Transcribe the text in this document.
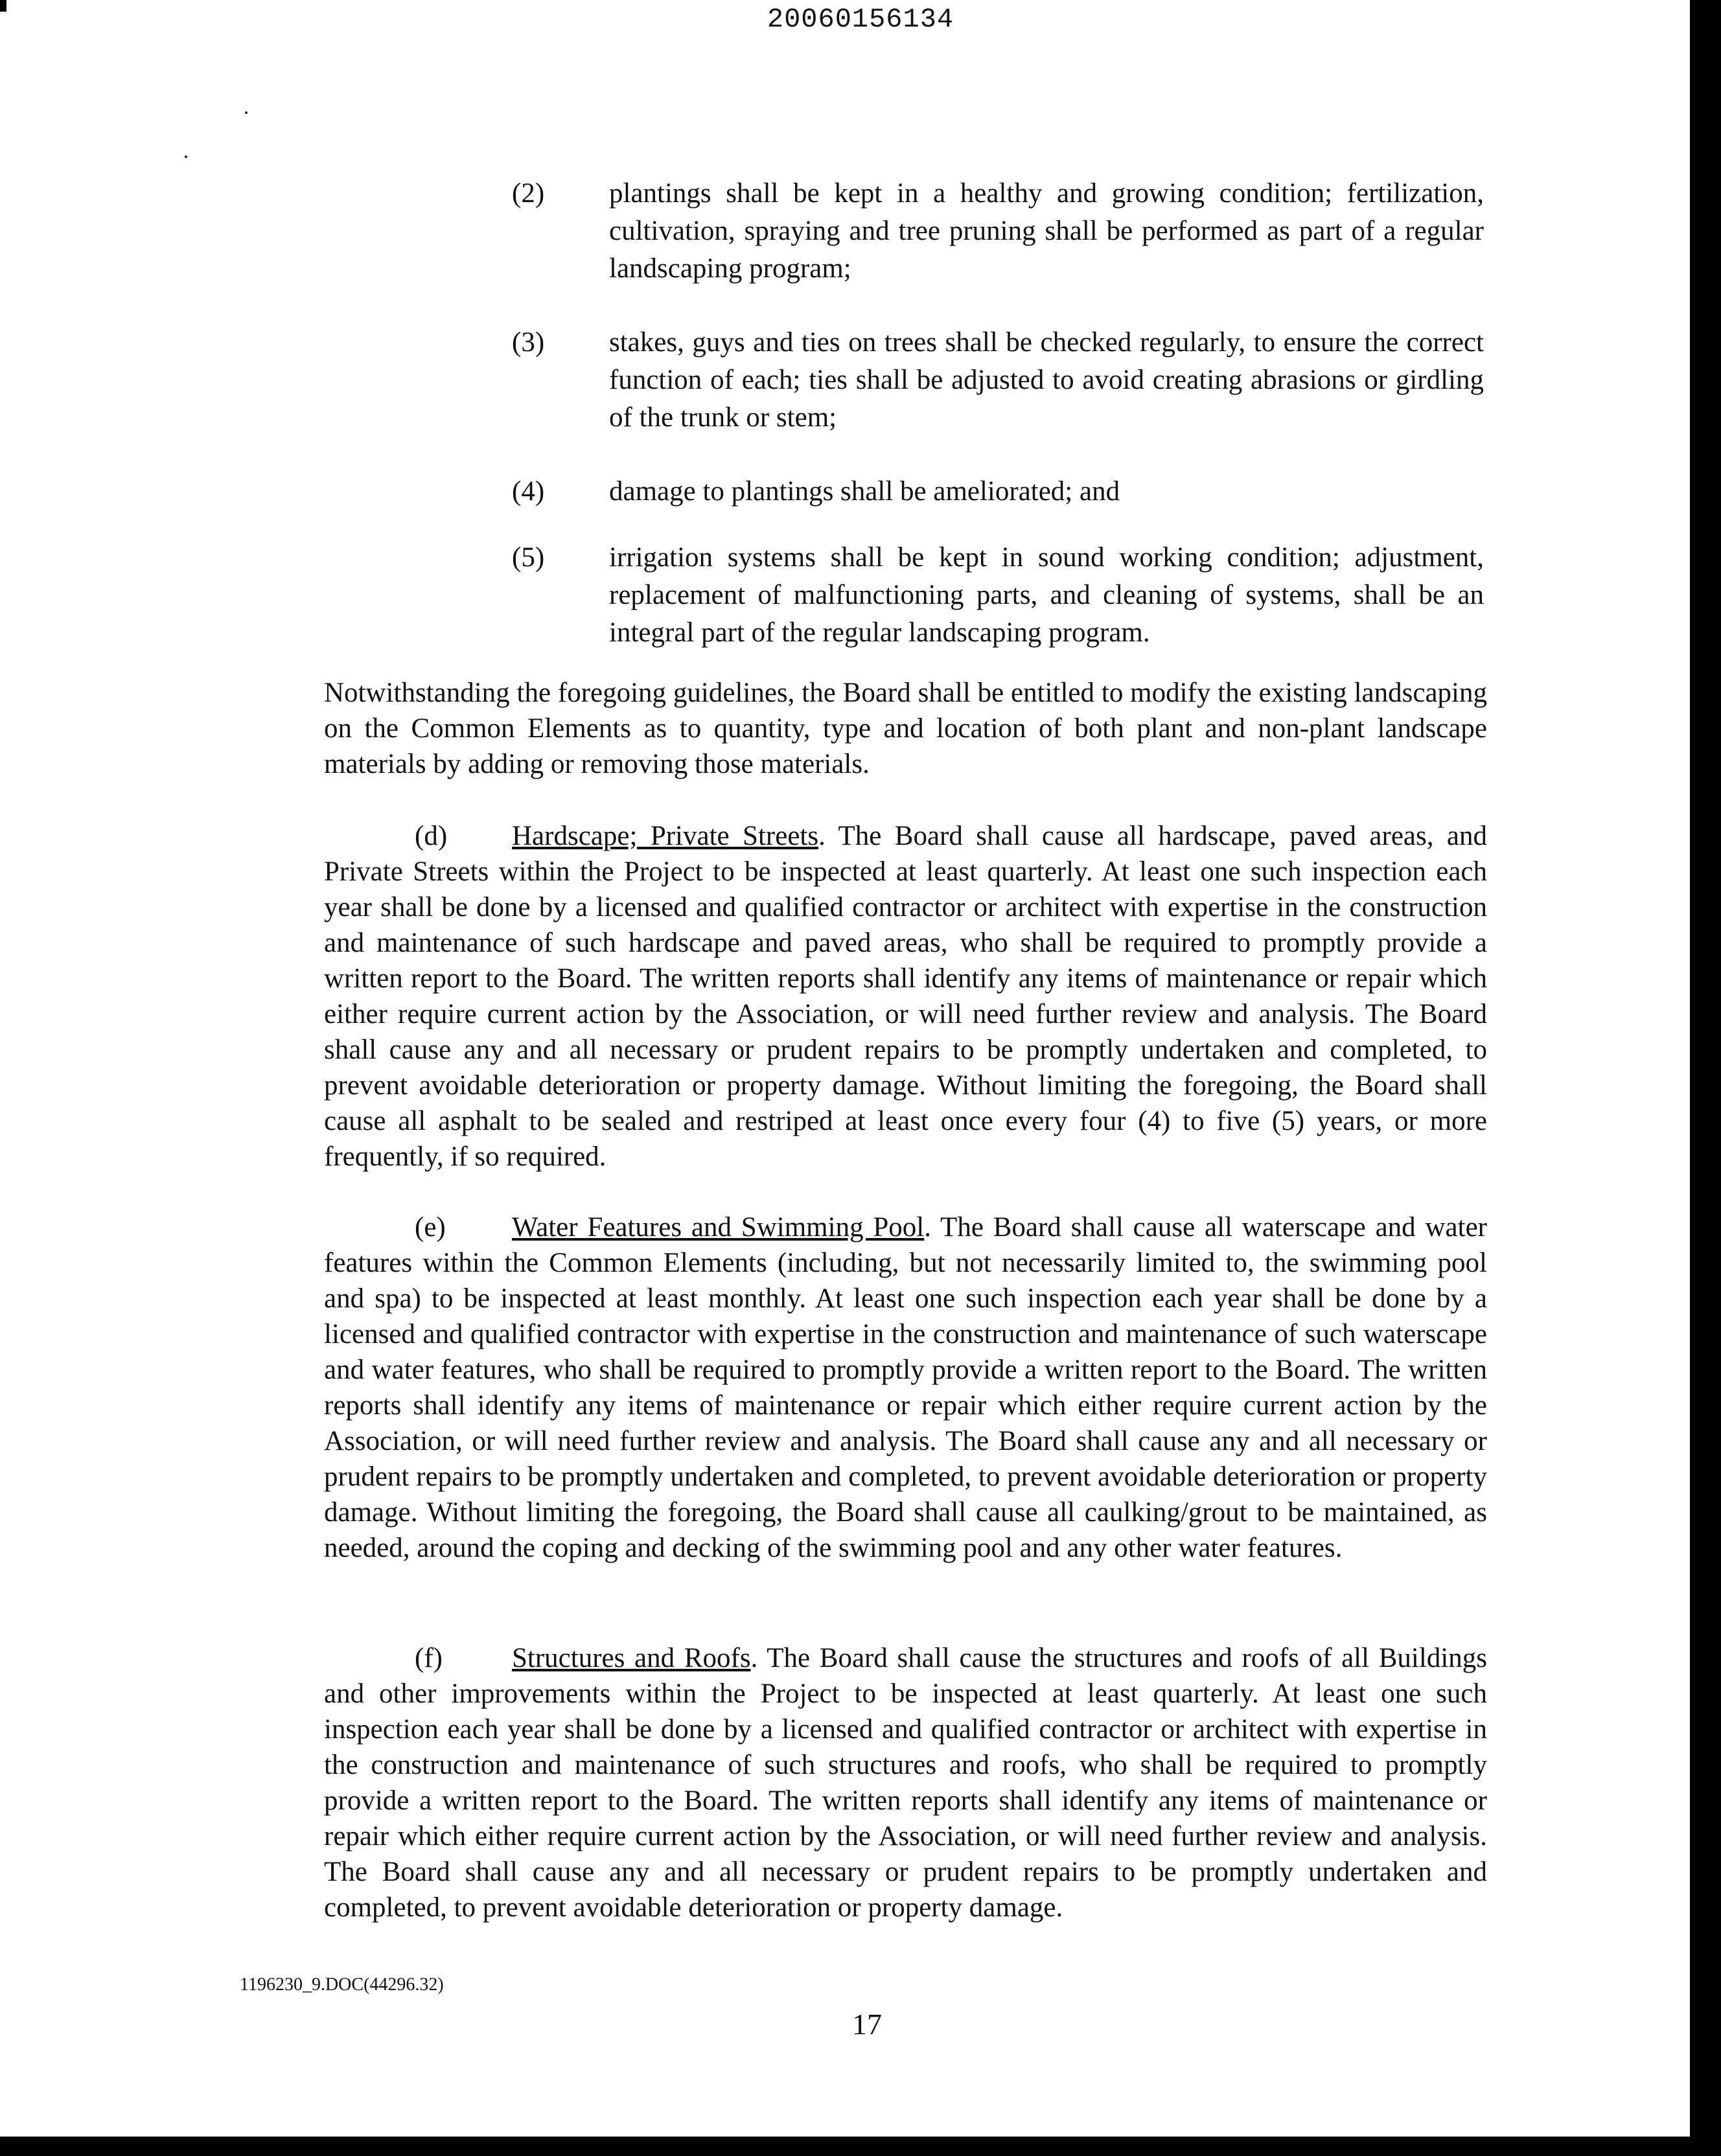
20060156134
(2) plantings shall be kept in a healthy and growing condition; fertilization, cultivation, spraying and tree pruning shall be performed as part of a regular landscaping program;
(3) stakes, guys and ties on trees shall be checked regularly, to ensure the correct function of each; ties shall be adjusted to avoid creating abrasions or girdling of the trunk or stem;
(4) damage to plantings shall be ameliorated; and
(5) irrigation systems shall be kept in sound working condition; adjustment, replacement of malfunctioning parts, and cleaning of systems, shall be an integral part of the regular landscaping program.
Notwithstanding the foregoing guidelines, the Board shall be entitled to modify the existing landscaping on the Common Elements as to quantity, type and location of both plant and non-plant landscape materials by adding or removing those materials.
(d) Hardscape; Private Streets. The Board shall cause all hardscape, paved areas, and Private Streets within the Project to be inspected at least quarterly. At least one such inspection each year shall be done by a licensed and qualified contractor or architect with expertise in the construction and maintenance of such hardscape and paved areas, who shall be required to promptly provide a written report to the Board. The written reports shall identify any items of maintenance or repair which either require current action by the Association, or will need further review and analysis. The Board shall cause any and all necessary or prudent repairs to be promptly undertaken and completed, to prevent avoidable deterioration or property damage. Without limiting the foregoing, the Board shall cause all asphalt to be sealed and restriped at least once every four (4) to five (5) years, or more frequently, if so required.
(e) Water Features and Swimming Pool. The Board shall cause all waterscape and water features within the Common Elements (including, but not necessarily limited to, the swimming pool and spa) to be inspected at least monthly. At least one such inspection each year shall be done by a licensed and qualified contractor with expertise in the construction and maintenance of such waterscape and water features, who shall be required to promptly provide a written report to the Board. The written reports shall identify any items of maintenance or repair which either require current action by the Association, or will need further review and analysis. The Board shall cause any and all necessary or prudent repairs to be promptly undertaken and completed, to prevent avoidable deterioration or property damage. Without limiting the foregoing, the Board shall cause all caulking/grout to be maintained, as needed, around the coping and decking of the swimming pool and any other water features.
(f) Structures and Roofs. The Board shall cause the structures and roofs of all Buildings and other improvements within the Project to be inspected at least quarterly. At least one such inspection each year shall be done by a licensed and qualified contractor or architect with expertise in the construction and maintenance of such structures and roofs, who shall be required to promptly provide a written report to the Board. The written reports shall identify any items of maintenance or repair which either require current action by the Association, or will need further review and analysis. The Board shall cause any and all necessary or prudent repairs to be promptly undertaken and completed, to prevent avoidable deterioration or property damage.
1196230_9.DOC(44296.32)
17
